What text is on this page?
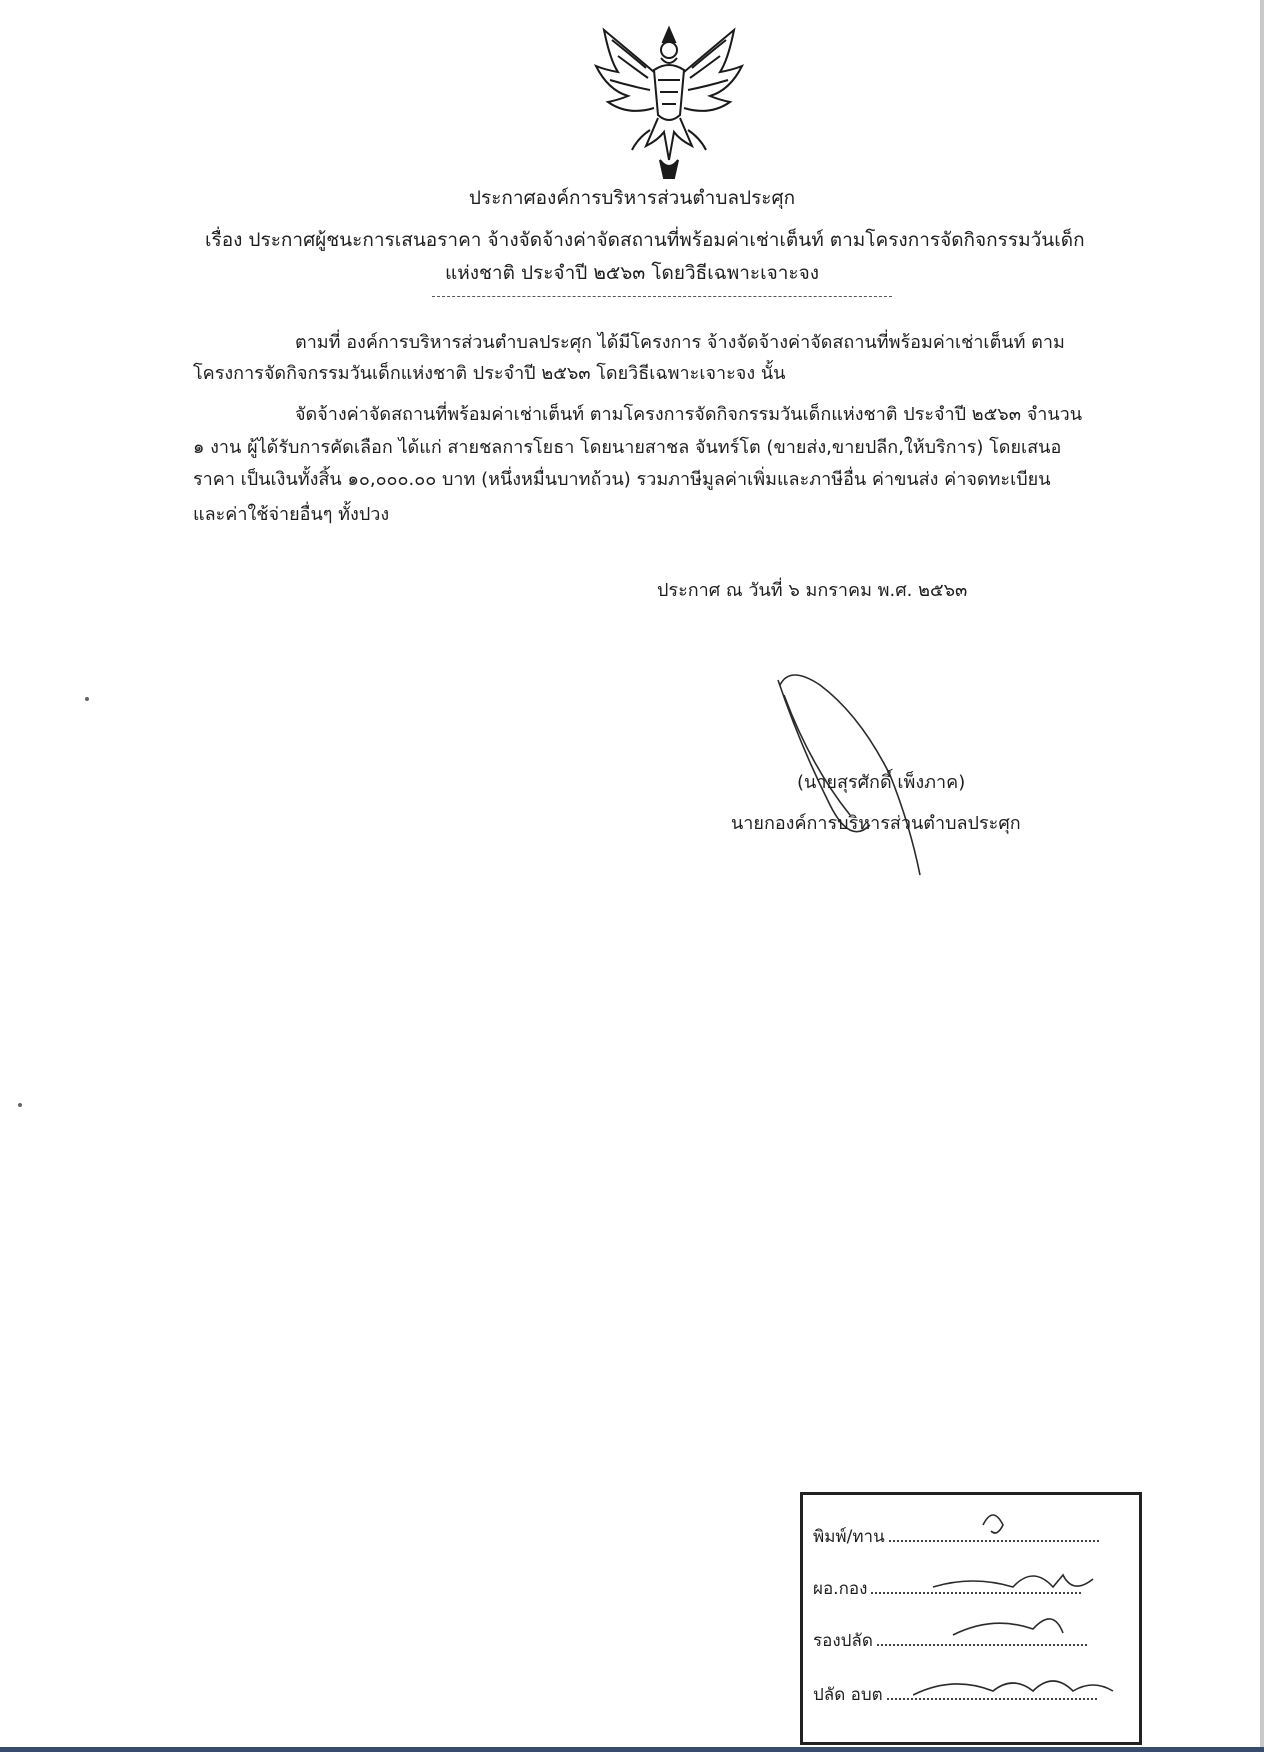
ประกาศองค์การบริหารส่วนตำบลประศุก

เรื่อง ประกาศผู้ชนะการเสนอราคา จ้างจัดจ้างค่าจัดสถานที่พร้อมค่าเช่าเต็นท์ ตามโครงการจัดกิจกรรมวันเด็ก

แห่งชาติ ประจำปี ๒๕๖๓ โดยวิธีเฉพาะเจาะจง

ตามที่ องค์การบริหารส่วนตำบลประศุก ได้มีโครงการ จ้างจัดจ้างค่าจัดสถานที่พร้อมค่าเช่าเต็นท์ ตาม

โครงการจัดกิจกรรมวันเด็กแห่งชาติ ประจำปี ๒๕๖๓ โดยวิธีเฉพาะเจาะจง นั้น

จัดจ้างค่าจัดสถานที่พร้อมค่าเช่าเต็นท์ ตามโครงการจัดกิจกรรมวันเด็กแห่งชาติ ประจำปี ๒๕๖๓ จำนวน

๑ งาน ผู้ได้รับการคัดเลือก ได้แก่ สายชลการโยธา โดยนายสาชล จันทร์โต (ขายส่ง,ขายปลีก,ให้บริการ) โดยเสนอ

ราคา เป็นเงินทั้งสิ้น ๑๐,๐๐๐.๐๐ บาท (หนึ่งหมื่นบาทถ้วน) รวมภาษีมูลค่าเพิ่มและภาษีอื่น ค่าขนส่ง ค่าจดทะเบียน

และค่าใช้จ่ายอื่นๆ ทั้งปวง

ประกาศ ณ วันที่ ๖ มกราคม พ.ศ. ๒๕๖๓
(นายสุรศักดิ์ เพ็งภาค)
นายกองค์การบริหารส่วนตำบลประศุก
พิมพ์/ทาน
ผอ.กอง
รองปลัด
ปลัด อบต
